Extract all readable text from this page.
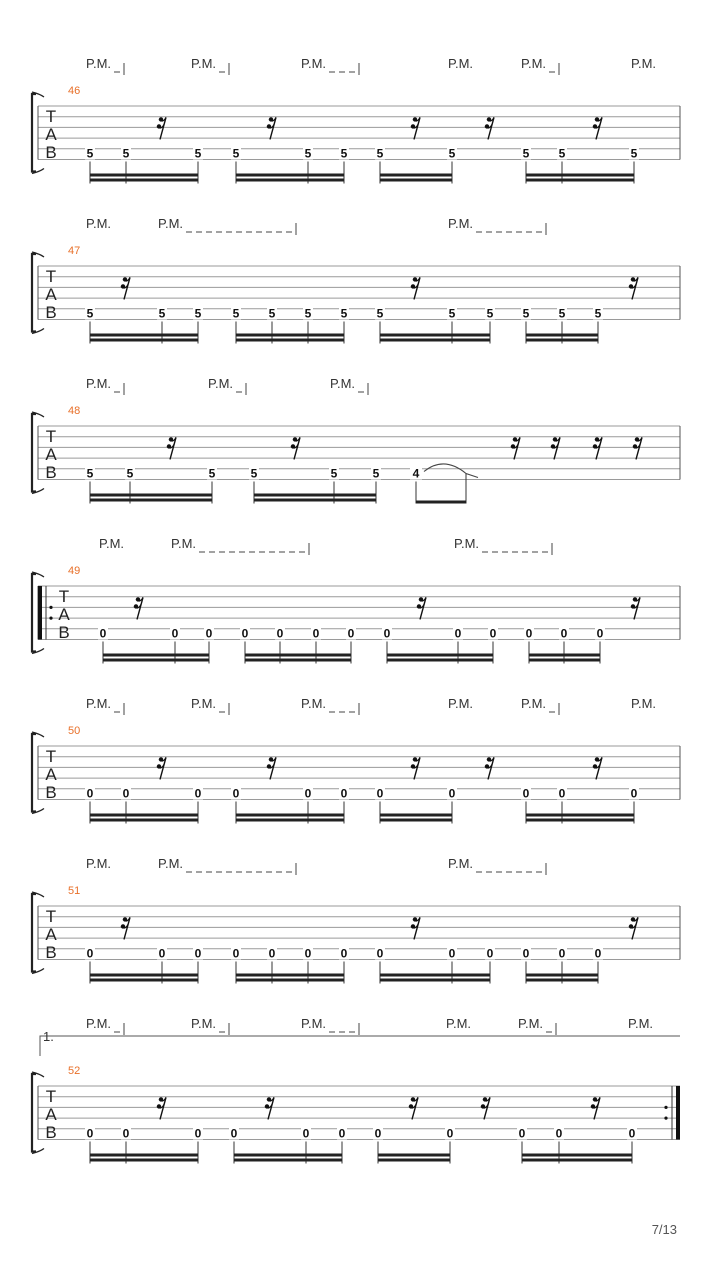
T
A
B
46
P.M.	P.M.	P.M.	P.M.	P.M.	P.M.
5 5	5	5	5 5 5	5	5 5	5
T
A
B
47
P.M.	P.M.	P.M.
5	5 5	5 5 5 5 5	5	5 5 5 5
T
A
B
48
P.M.	P.M.	P.M.
5	5	5	5	5	5	4
T
A
B
49
P.M.	P.M.	P.M.
0	0 0 0 0 0 0 0	0 0 0 0 0
T
A
B
50
P.M.	P.M.	P.M.	P.M.	P.M.	P.M.
0 0	0	0	0 0 0	0	0 0	0
T
A
B
51
P.M.	P.M.	P.M.
0	0 0	0 0 0 0 0	0	0 0 0 0
T
A
B
52
1.
P.M.	P.M.	P.M.	P.M.	P.M.	P.M.
0 0	0 0	0 0 0	0	0	0	0
7/13
